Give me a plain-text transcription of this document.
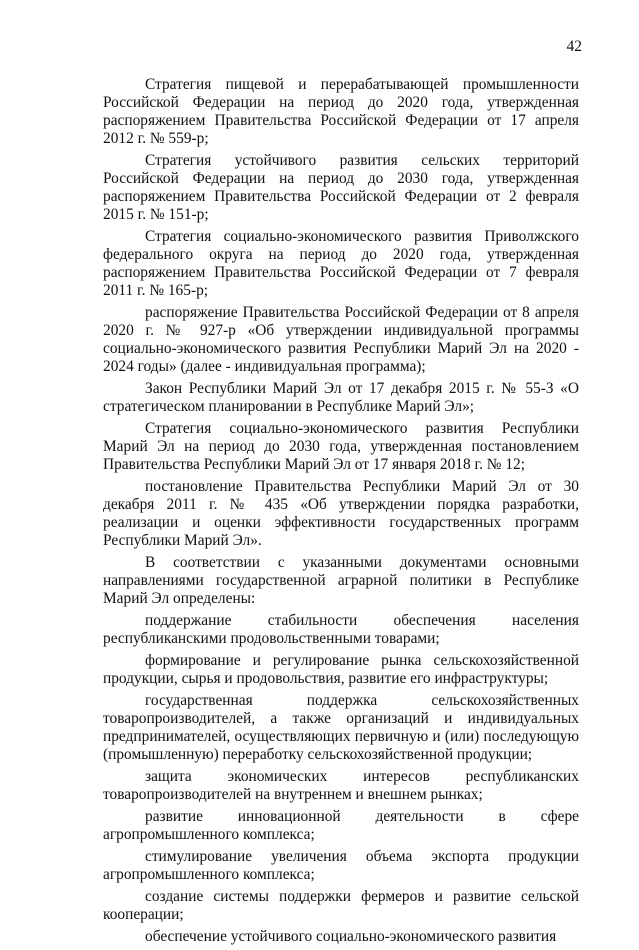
42

Стратегия пищевой и перерабатывающей промышленности Российской Федерации на период до 2020 года, утвержденная распоряжением Правительства Российской Федерации от 17 апреля 2012 г. № 559-р;

Стратегия устойчивого развития сельских территорий Российской Федерации на период до 2030 года, утвержденная распоряжением Правительства Российской Федерации от 2 февраля 2015 г. № 151-р;

Стратегия социально-экономического развития Приволжского федерального округа на период до 2020 года, утвержденная распоряжением Правительства Российской Федерации от 7 февраля 2011 г. № 165-р;

распоряжение Правительства Российской Федерации от 8 апреля 2020 г. № 927-р «Об утверждении индивидуальной программы социально-экономического развития Республики Марий Эл на 2020 - 2024 годы» (далее - индивидуальная программа);

Закон Республики Марий Эл от 17 декабря 2015 г. № 55-З «О стратегическом планировании в Республике Марий Эл»;

Стратегия социально-экономического развития Республики Марий Эл на период до 2030 года, утвержденная постановлением Правительства Республики Марий Эл от 17 января 2018 г. № 12;

постановление Правительства Республики Марий Эл от 30 декабря 2011 г. № 435 «Об утверждении порядка разработки, реализации и оценки эффективности государственных программ Республики Марий Эл».

В соответствии с указанными документами основными направлениями государственной аграрной политики в Республике Марий Эл определены:

поддержание стабильности обеспечения населения республиканскими продовольственными товарами;

формирование и регулирование рынка сельскохозяйственной продукции, сырья и продовольствия, развитие его инфраструктуры;

государственная поддержка сельскохозяйственных товаропроизводителей, а также организаций и индивидуальных предпринимателей, осуществляющих первичную и (или) последующую (промышленную) переработку сельскохозяйственной продукции;

защита экономических интересов республиканских товаропроизводителей на внутреннем и внешнем рынках;

развитие инновационной деятельности в сфере агропромышленного комплекса;

стимулирование увеличения объема экспорта продукции агропромышленного комплекса;

создание системы поддержки фермеров и развитие сельской кооперации;

обеспечение устойчивого социально-экономического развития
